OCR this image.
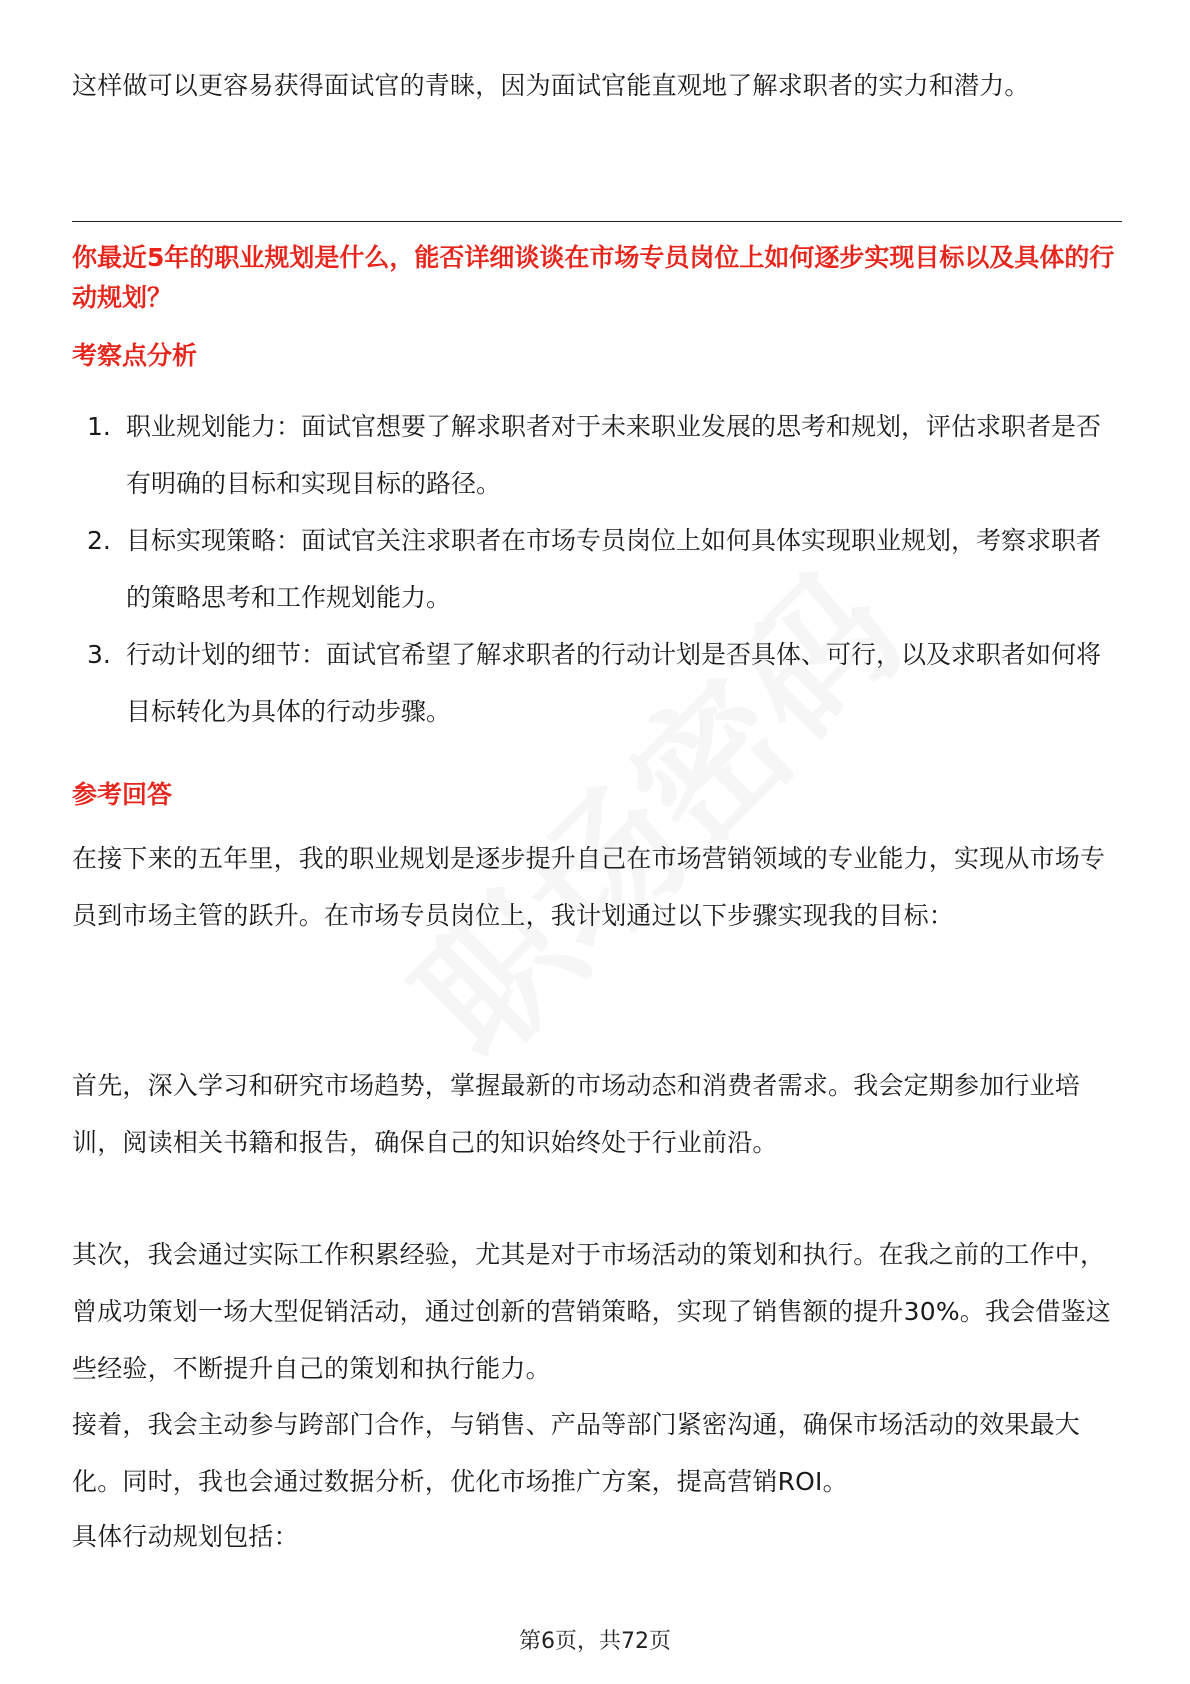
这样做可以更容易获得面试官的青睐，因为面试官能直观地了解求职者的实力和潜力。

你最近5年的职业规划是什么，能否详细谈谈在市场专员岗位上如何逐步实现目标以及具体的行动规划？

考察点分析

1. 职业规划能力：面试官想要了解求职者对于未来职业发展的思考和规划，评估求职者是否有明确的目标和实现目标的路径。
2. 目标实现策略：面试官关注求职者在市场专员岗位上如何具体实现职业规划，考察求职者的策略思考和工作规划能力。
3. 行动计划的细节：面试官希望了解求职者的行动计划是否具体、可行，以及求职者如何将目标转化为具体的行动步骤。

参考回答

在接下来的五年里，我的职业规划是逐步提升自己在市场营销领域的专业能力，实现从市场专员到市场主管的跃升。在市场专员岗位上，我计划通过以下步骤实现我的目标：

首先，深入学习和研究市场趋势，掌握最新的市场动态和消费者需求。我会定期参加行业培训，阅读相关书籍和报告，确保自己的知识始终处于行业前沿。

其次，我会通过实际工作积累经验，尤其是对于市场活动的策划和执行。在我之前的工作中，曾成功策划一场大型促销活动，通过创新的营销策略，实现了销售额的提升30%。我会借鉴这些经验，不断提升自己的策划和执行能力。

接着，我会主动参与跨部门合作，与销售、产品等部门紧密沟通，确保市场活动的效果最大化。同时，我也会通过数据分析，优化市场推广方案，提高营销ROI。

具体行动规划包括：

第6页，共72页
